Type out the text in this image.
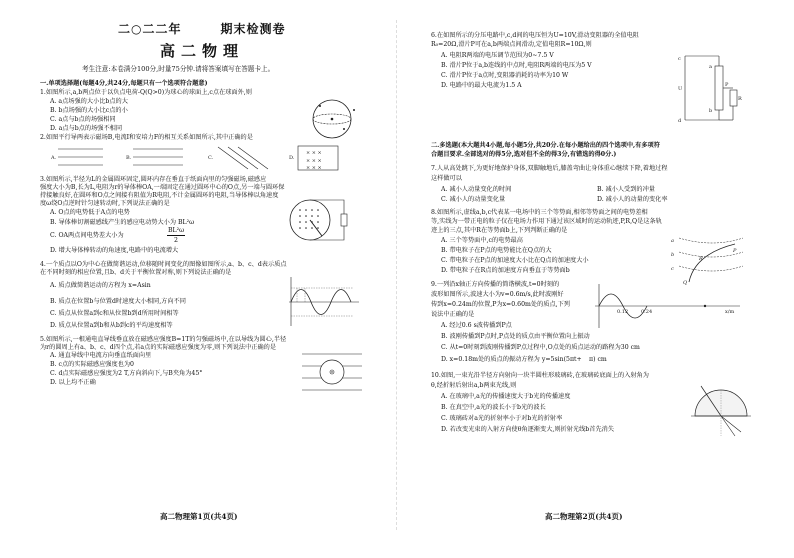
二○二二年　　　期末检测卷
高二物理
考生注意:本卷满分100分,时量75分钟.请将答案填写在答题卡上。
一.单项选择题(每题4分,共24分,每题只有一个选项符合题意)
1.如图所示,a,b两点位于以负点电荷-Q(Q>0)为球心的球面上,c点在球面外,则
A. a点场强的大小比b点的大
B. b点场强的大小比c点的小
C. a点与b点的场强相同
D. a点与b点的场强不相同
2.如图平行导两表示磁场B,电流I和安培力F的相互关系如图所示,其中正确的是
A.	B.	C.	D.
× × ×
× × ×
× × ×
3.如图所示,半径为L的金属圆环固定,圆环内存在垂直于纸面向里的匀强磁场,磁感应
强度大小为B,长为L,电阻为r的导体棒OA,一端固定在通过圆环中心的O点,另一端与圆环保
持接触良好,在圆环和O点之间接有阻值为R电阻,不计金属圆环的电阻,当导体棒以角速度
度ω绕O点逆时针匀速转动时,下列说法正确的是
A. O点的电势低于A点的电势
B. 导体棒切割磁感线产生的感应电动势大小为 BL²ω
C. OA两点间电势差大小为
BL²ω
2
D. 增大导体棒转动的角速度,电路中的电流增大
4.一个质点以O为中心在做简谐运动,位移随时间变化的图像如图所示,a、b、c、d表示质点
在不同时刻的相应位置,且b、d关于平衡位置对称,则下列说法正确的是
A. 质点做简谐运动的方程为 x=Asin
B. 质点在位置b与位置d时速度大小相同,方向不同
C. 质点从位置a到c和从位置b到d所用时间相等
D. 质点从位置a到b和从b到c的平均速度相等
5.如图所示,一根通电直导线垂直放在磁感应强度B=1T的匀强磁场中,在以导线为圆心,半径
为r的圆周上有a、b、c、d四个点,若a点的实际磁感应强度为零,则下列说法中正确的是
A. 通直导线中电流方向垂直纸面向里
B. c点的实际磁感应强度也为0
C. d点实际磁感应强度为2 T,方向斜向下,与B夹角为45°
D. 以上均不正确
高二物理第1页(共4页)
6.在如图所示的分压电路中,c,d间的电压恒为U=10V,滑动变阻器的全值电阻
R₀=20Ω,滑片P可在a,b两端点间滑动,定值电阻R=10Ω,则
A. 电阻R两端的电压调节范围为0~7.5 V
B. 滑片P位于a,b连线的中点时,电阻R两端的电压为5 V
C. 滑片P位于a点时,变阻器消耗的功率为10 W
D. 电路中的最大电流为1.5 A
c
U
d
a
P
b
R
二.多选题(本大题共4小题,每小题5分,共20分.在每小题给出的四个选项中,有多项符
合题目要求.全部选对的得5分,选对但不全的得3分,有错选的得0分.)
7.人从高处跳下,为更好地保护身体,双脚触地后,膝盖弯曲让身体重心继续下降,着地过程
这样做可以
A. 减小人动量变化的时间	B. 减小人受到的冲量
C. 减小人的动量变化量	D. 减小人的动量的变化率
8.如图所示,虚线a,b,c代表某一电场中的三个等势面,相邻等势面之间的电势差相
等,实线为一带正电的粒子仅在电场力作用下通过该区域时的运动轨迹,P,R,Q是这条轨
迹上的三点,其中R在等势面b上,下列判断正确的是
A. 三个等势面中,c的电势最高
B. 带电粒子在P点的电势能比在Q点的大
C. 带电粒子在P点的加速度大小比在Q点的加速度大小
D. 带电粒子在R点的加速度方向垂直于等势面b
a
b
c
P
R
Q
9.一列沿x轴正方向传播的简谐横波,t=0时刻的
波形如图所示,波速大小为v=0.6m/s,此时波刚好
传到x=0.24m的位置,P为x=0.60m处的质点,下列
说法中正确的是
A. 经过0.6 s波传播到P点
B. 波刚传播到P点时,P点处的质点由平衡位置向上振动
C. 从t=0时刻到波刚传播到P点过程中,O点处的质点运动的路程为30 cm
D. x=0.18m处的质点的振动方程为 y=5sin(5πt+ π) cm
0.12	0.24	x/m
10.如图,一束光沿半径方向射向一块半圆柱形玻璃砖,在玻璃砖底面上的入射角为
θ,经折射后射出a,b两束光线,则
A. 在玻璃中,a光的传播速度大于b光的传播速度
B. 在真空中,a光的波长小于b光的波长
C. 玻璃砖对a光的折射率小于对b光的折射率
D. 若改变光束的入射方向使θ角逐渐变大,则折射光线b首先消失
高二物理第2页(共4页)
